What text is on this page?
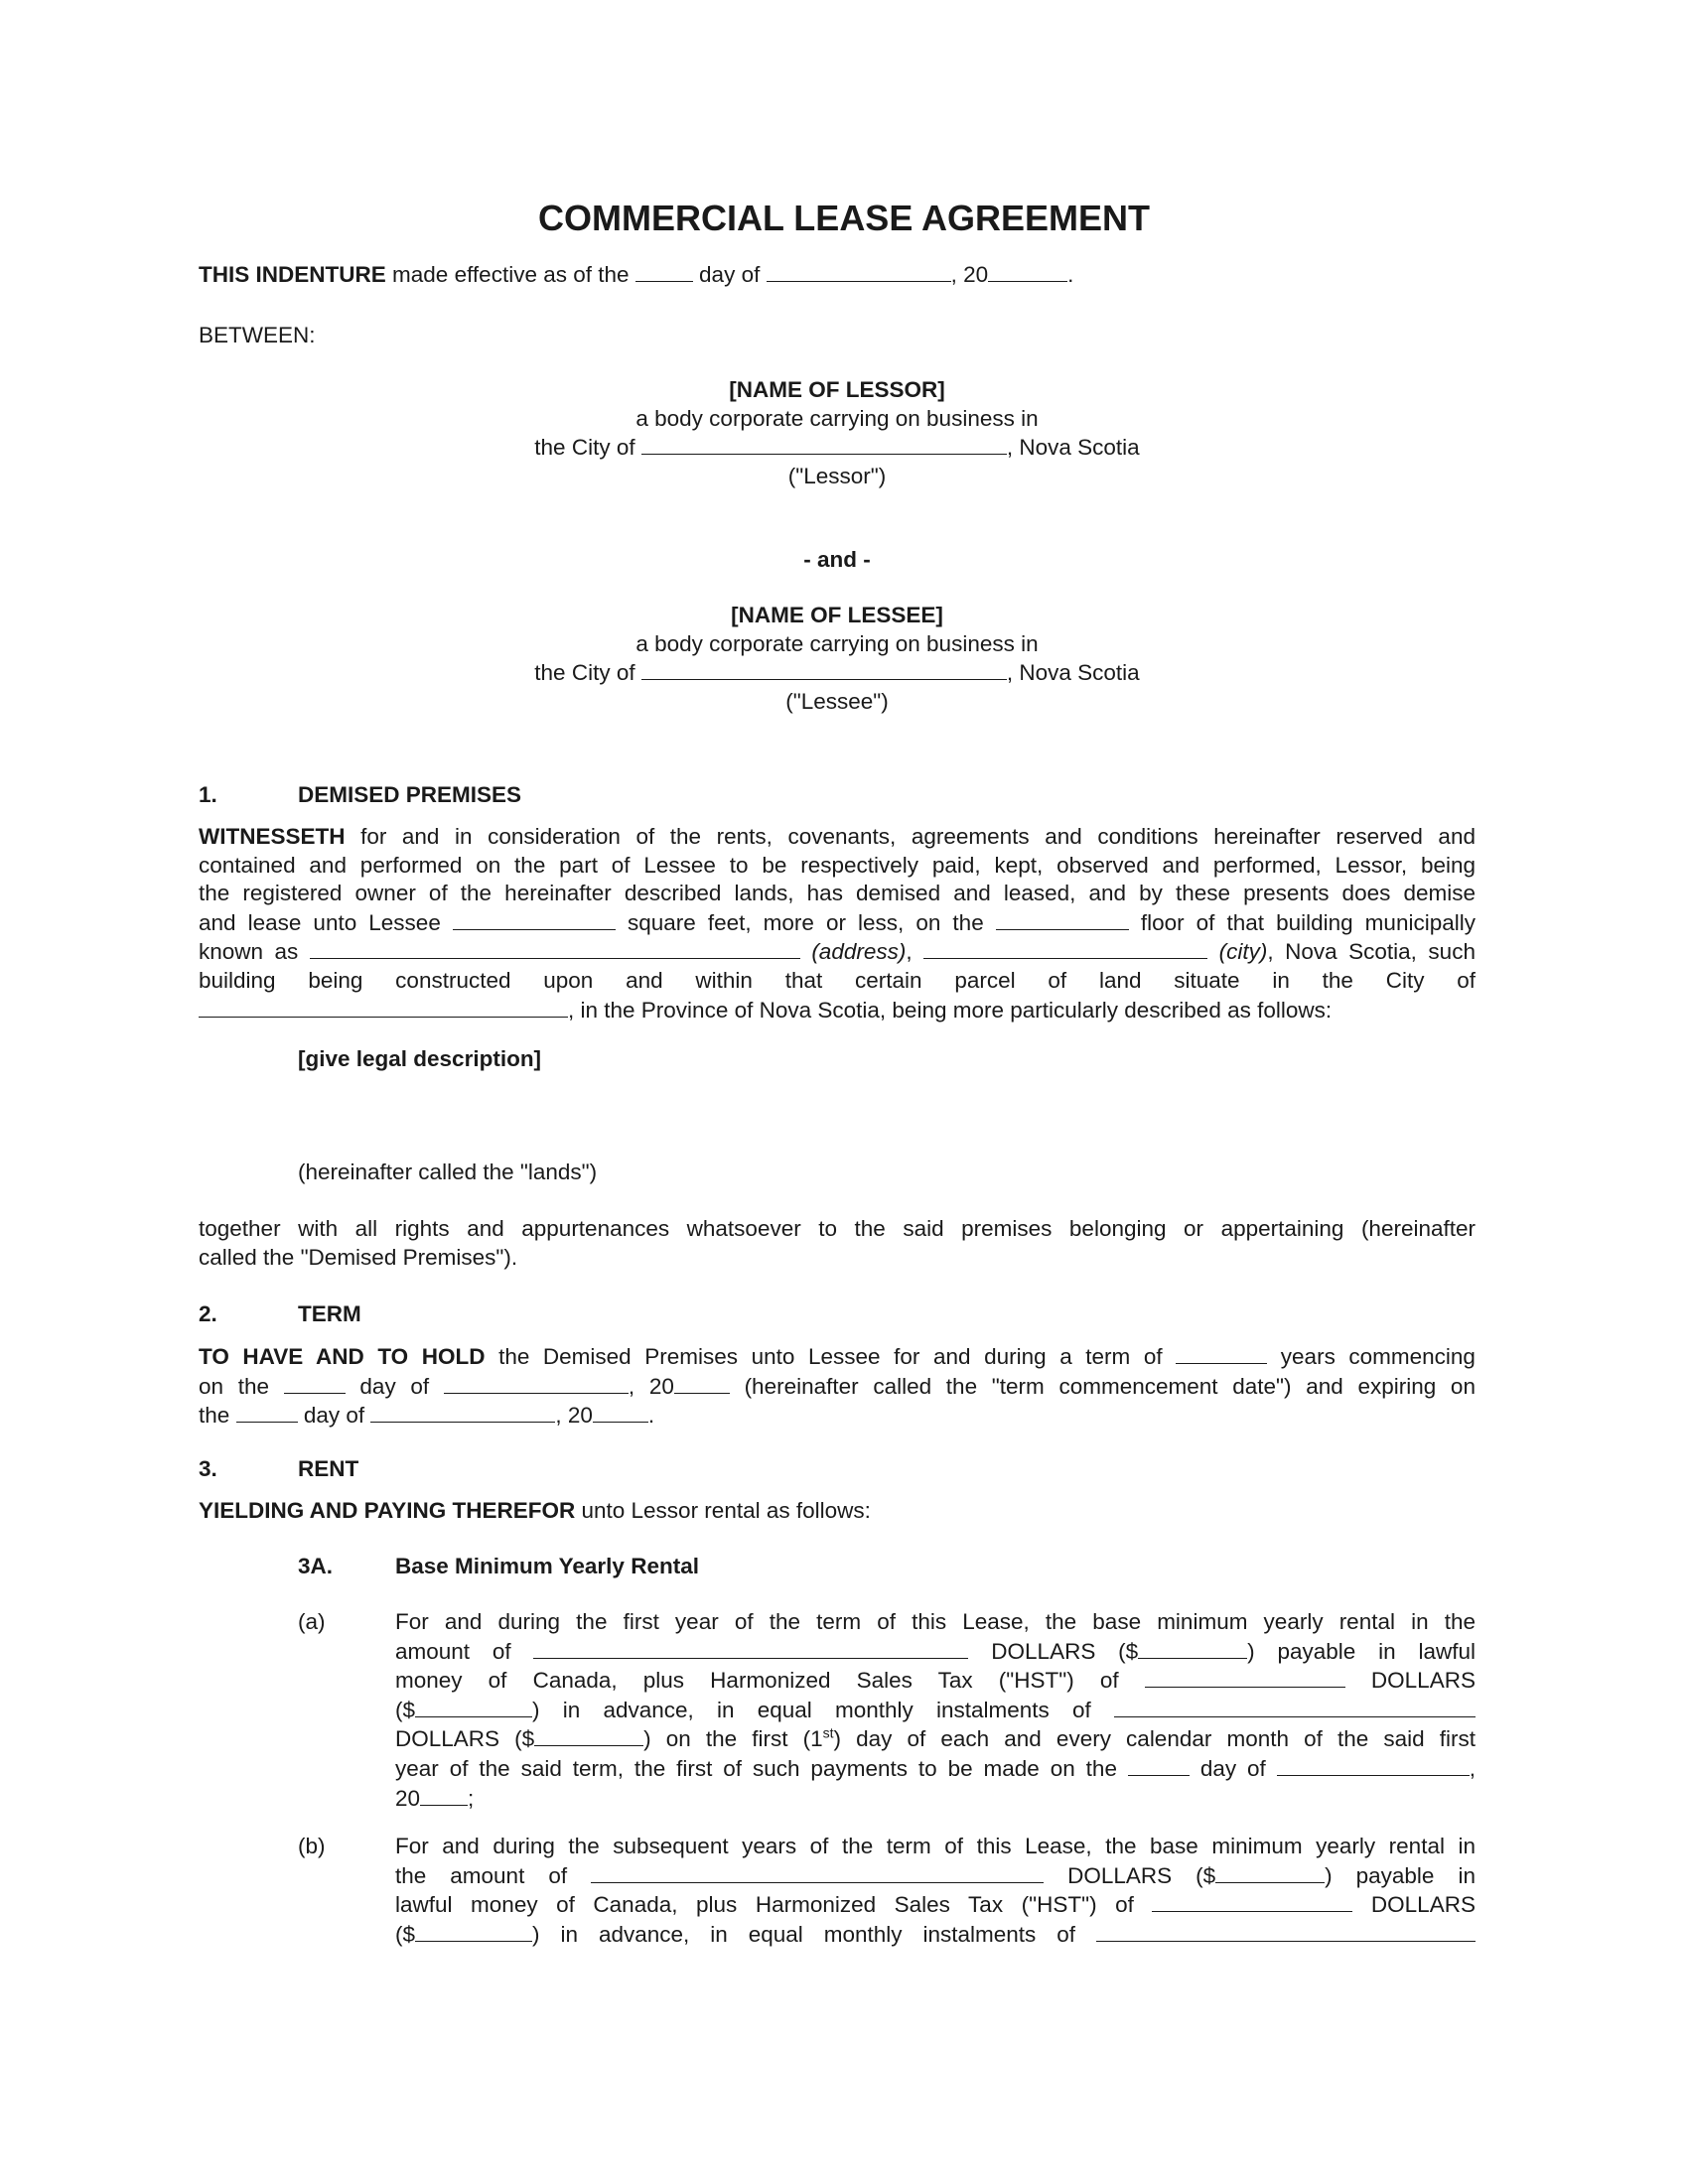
COMMERCIAL LEASE AGREEMENT
THIS INDENTURE made effective as of the	day of	, 20	.
BETWEEN:
[NAME OF LESSOR]
a body corporate carrying on business in
the City of	, Nova Scotia
("Lessor")
- and -
[NAME OF LESSEE]
a body corporate carrying on business in
the City of	, Nova Scotia
("Lessee")
1.	DEMISED PREMISES
WITNESSETH for and in consideration of the rents, covenants, agreements and conditions hereinafter reserved and
contained and performed on the part of Lessee to be respectively paid, kept, observed and performed, Lessor, being
the registered owner of the hereinafter described lands, has demised and leased, and by these presents does demise
and lease unto Lessee	square feet, more or less, on the	floor of that building municipally
known as	(address),	(city), Nova Scotia, such
building being constructed upon and within that certain parcel of land situate in the City of
, in the Province of Nova Scotia, being more particularly described as follows:
[give legal description]
(hereinafter called the "lands")
together with all rights and appurtenances whatsoever to the said premises belonging or appertaining (hereinafter
called the "Demised Premises").
2.	TERM
TO HAVE AND TO HOLD the Demised Premises unto Lessee for and during a term of	years commencing
on the	day of	, 20	(hereinafter called the "term commencement date") and expiring on
the	day of	, 20 .
3.	RENT
YIELDING AND PAYING THEREFOR unto Lessor rental as follows:
3A.	Base Minimum Yearly Rental
(a)	For and during the first year of the term of this Lease, the base minimum yearly rental in the
amount of	DOLLARS ($	) payable in lawful
money of Canada, plus Harmonized Sales Tax ("HST") of	DOLLARS
($	) in advance, in equal monthly instalments of
DOLLARS ($	) on the first (1st) day of each and every calendar month of the said first
year of the said term, the first of such payments to be made on the	day of	,
20 ;
(b)	For and during the subsequent years of the term of this Lease, the base minimum yearly rental in
the amount of	DOLLARS ($	) payable in
lawful money of Canada, plus Harmonized Sales Tax ("HST") of	DOLLARS
($	) in advance, in equal monthly instalments of
